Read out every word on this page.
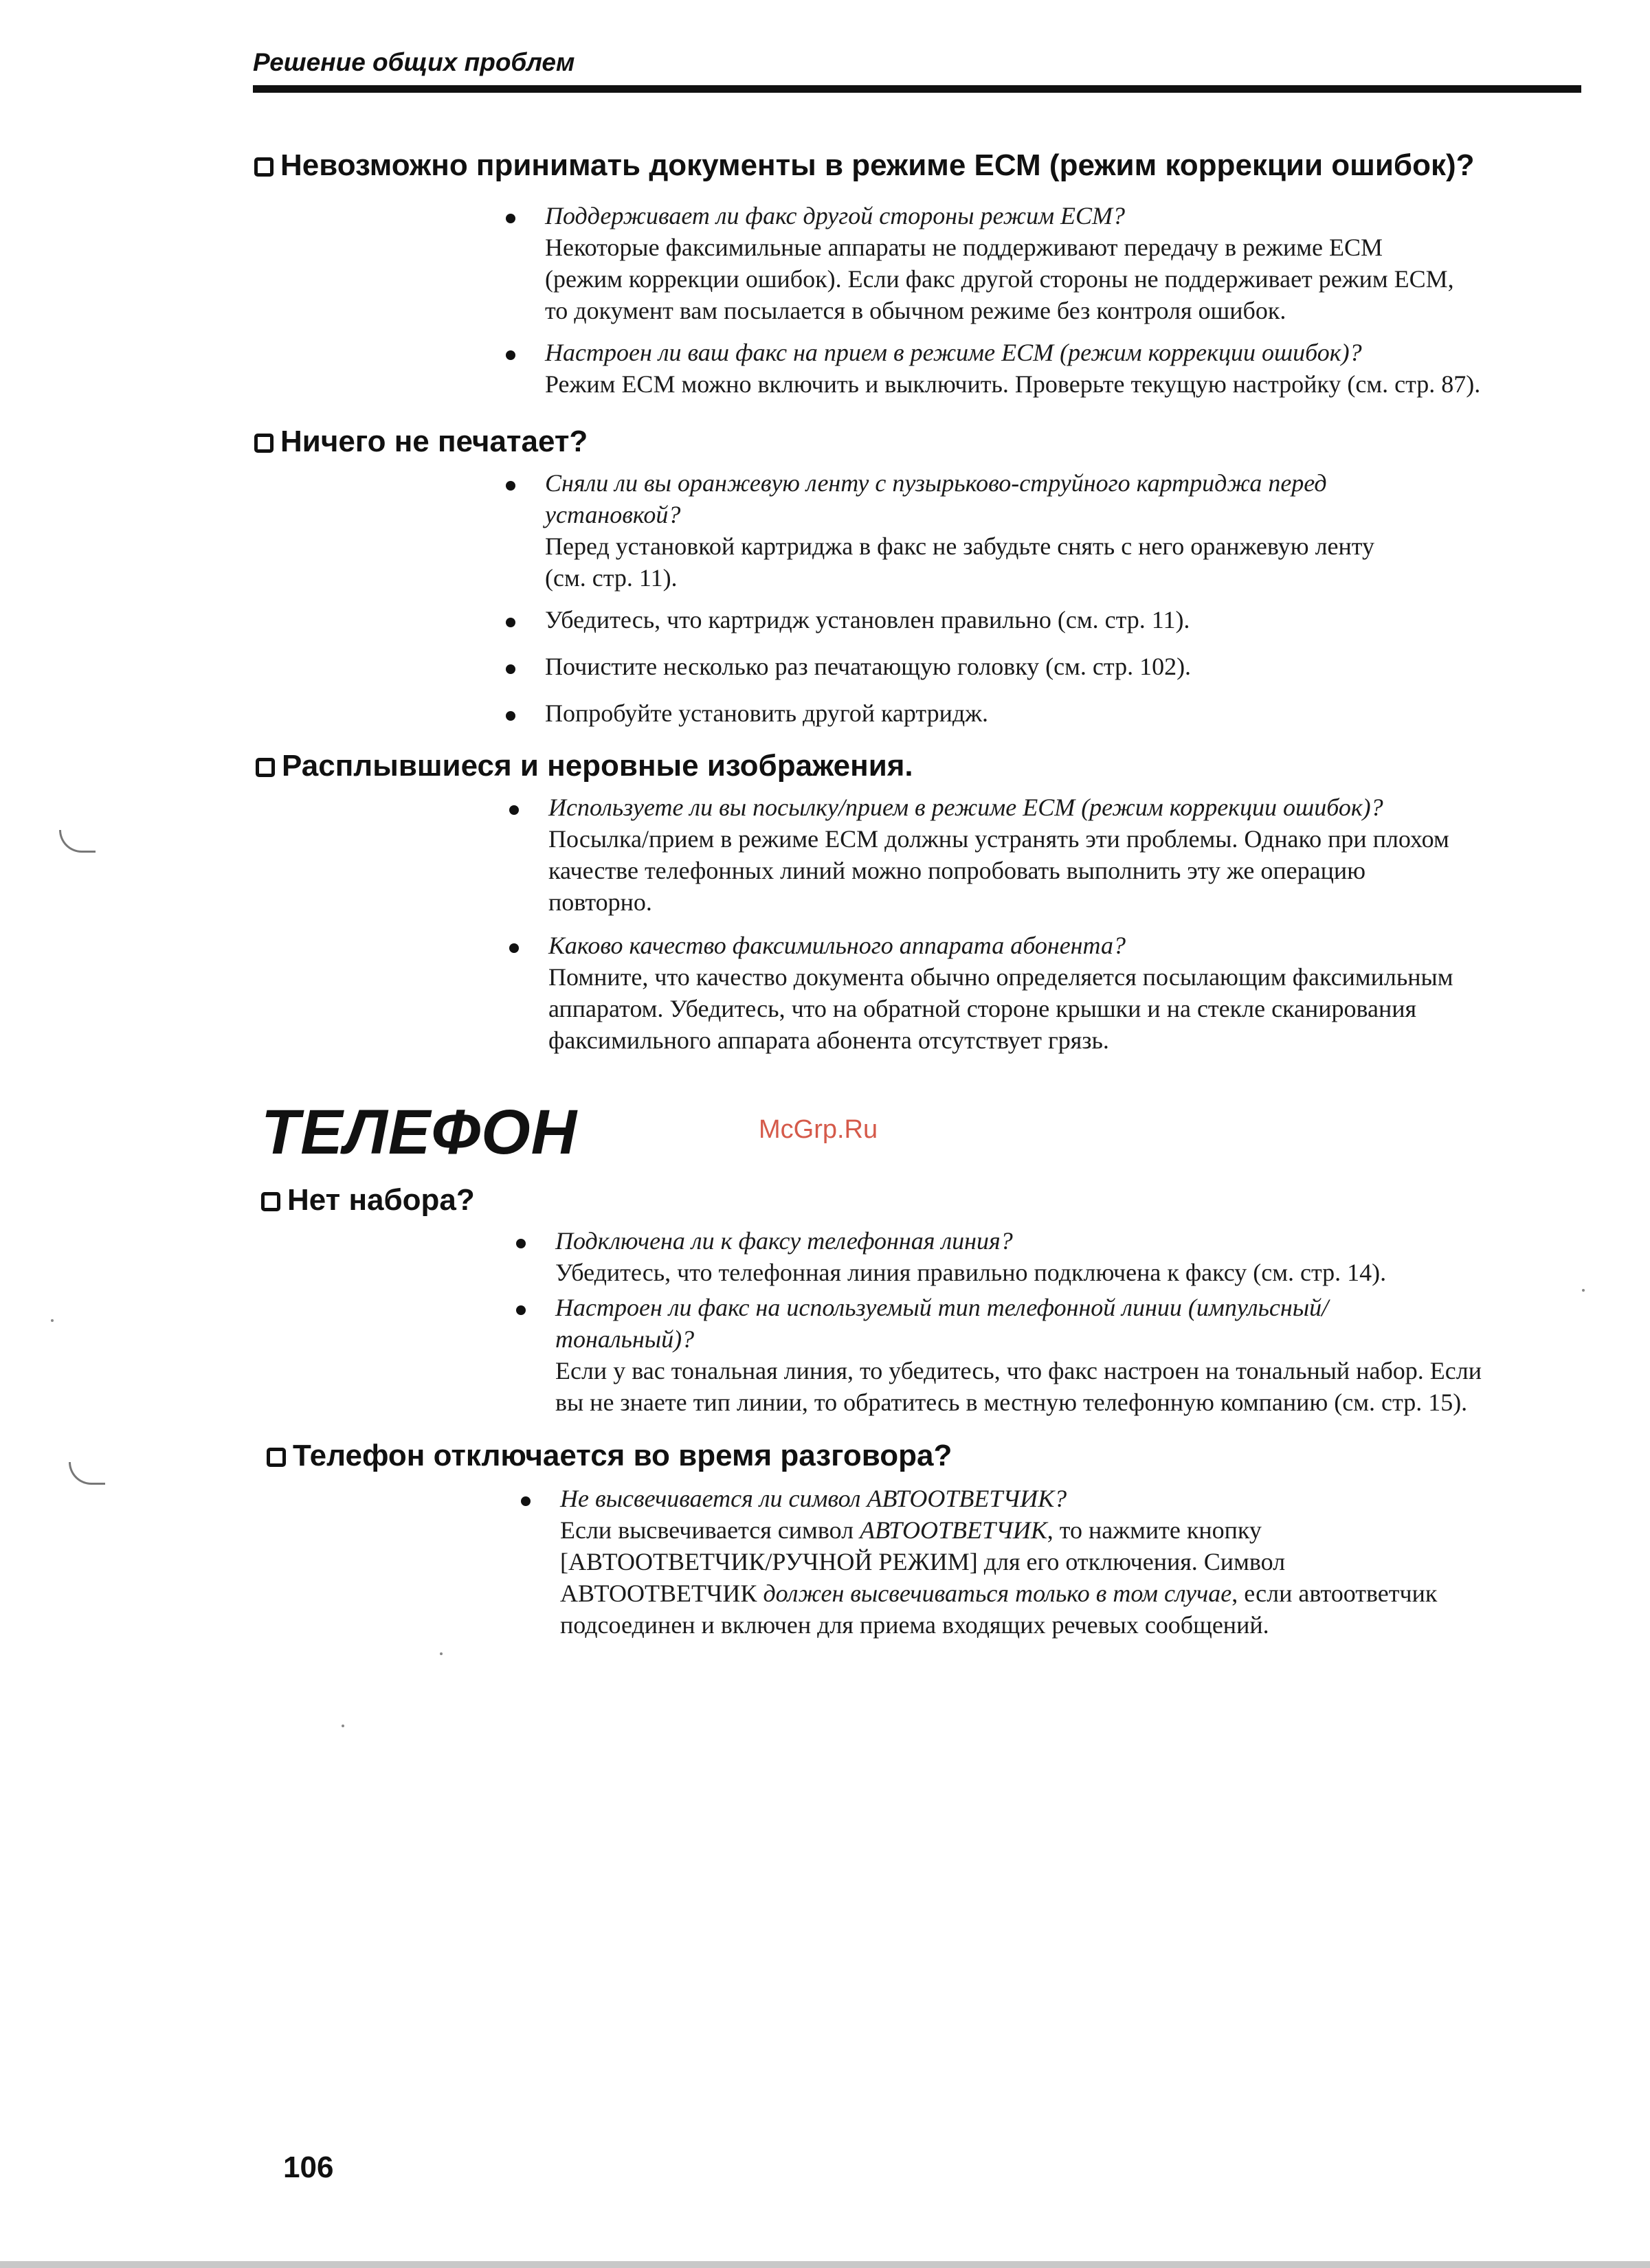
Решение общих проблем
Невозможно принимать документы в режиме ЕСМ (режим коррекции ошибок)?
Поддерживает ли факс другой стороны режим ЕСМ?
Некоторые факсимильные аппараты не поддерживают передачу в режиме ЕСМ
(режим коррекции ошибок). Если факс другой стороны не поддерживает режим ЕСМ,
то документ вам посылается в обычном режиме без контроля ошибок.
Настроен ли ваш факс на прием в режиме ЕСМ (режим коррекции ошибок)?
Режим ЕСМ можно включить и выключить. Проверьте текущую настройку (см. стр. 87).
Ничего не печатает?
Сняли ли вы оранжевую ленту с пузырьково-струйного картриджа перед
установкой?
Перед установкой картриджа в факс не забудьте снять с него оранжевую ленту
(см. стр. 11).
Убедитесь, что картридж установлен правильно (см. стр. 11).
Почистите несколько раз печатающую головку (см. стр. 102).
Попробуйте установить другой картридж.
Расплывшиеся и неровные изображения.
Используете ли вы посылку/прием в режиме ЕСМ (режим коррекции ошибок)?
Посылка/прием в режиме ЕСМ должны устранять эти проблемы. Однако при плохом
качестве телефонных линий можно попробовать выполнить эту же операцию
повторно.
Каково качество факсимильного аппарата абонента?
Помните, что качество документа обычно определяется посылающим факсимильным
аппаратом. Убедитесь, что на обратной стороне крышки и на стекле сканирования
факсимильного аппарата абонента отсутствует грязь.
ТЕЛЕФОН	McGrp.Ru
Нет набора?
Подключена ли к факсу телефонная линия?
Убедитесь, что телефонная линия правильно подключена к факсу (см. стр. 14).
Настроен ли факс на используемый тип телефонной линии (импульсный/
тональный)?
Если у вас тональная линия, то убедитесь, что факс настроен на тональный набор. Если
вы не знаете тип линии, то обратитесь в местную телефонную компанию (см. стр. 15).
Телефон отключается во время разговора?
Не высвечивается ли символ АВТООТВЕТЧИК?
Если высвечивается символ АВТООТВЕТЧИК, то нажмите кнопку
[АВТООТВЕТЧИК/РУЧНОЙ РЕЖИМ] для его отключения. Символ
АВТООТВЕТЧИК должен высвечиваться только в том случае, если автоответчик
подсоединен и включен для приема входящих речевых сообщений.
106
